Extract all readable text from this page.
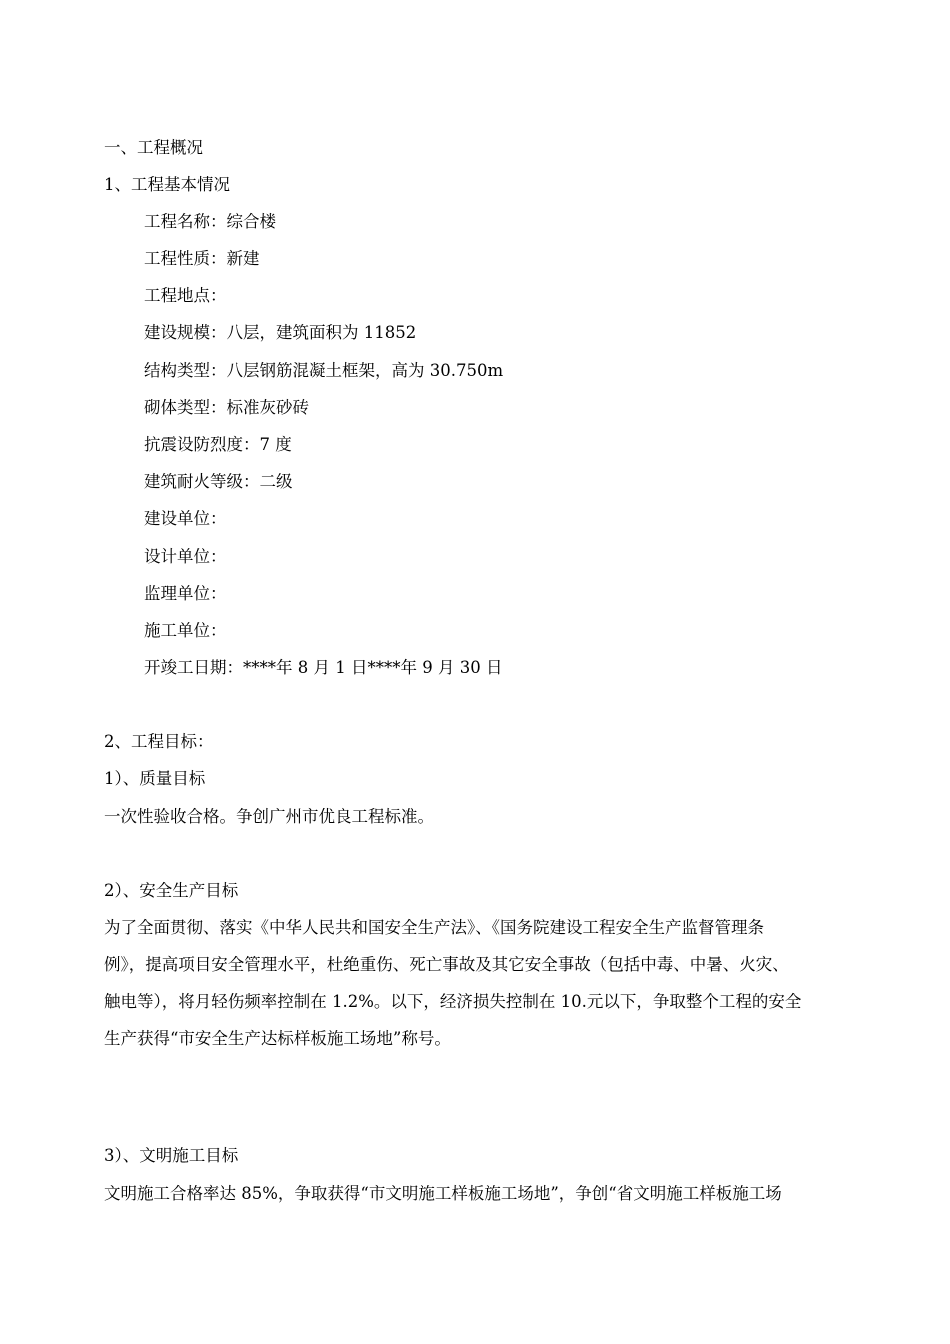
一、工程概况
1、工程基本情况
工程名称：综合楼
工程性质：新建
工程地点：
建设规模：八层，建筑面积为 11852
结构类型：八层钢筋混凝土框架，高为 30.750m
砌体类型：标准灰砂砖
抗震设防烈度：7 度
建筑耐火等级：二级
建设单位：
设计单位：
监理单位：
施工单位：
开竣工日期：****年 8 月 1 日****年 9 月 30 日
2、工程目标：
1）、质量目标
一次性验收合格。争创广州市优良工程标准。
2）、安全生产目标
为了全面贯彻、落实《中华人民共和国安全生产法》、《国务院建设工程安全生产监督管理条
例》，提高项目安全管理水平，杜绝重伤、死亡事故及其它安全事故（包括中毒、中暑、火灾、
触电等），将月轻伤频率控制在 1.2%。以下，经济损失控制在 10.元以下，争取整个工程的安全
生产获得“市安全生产达标样板施工场地”称号。
3）、文明施工目标
文明施工合格率达 85%，争取获得“市文明施工样板施工场地”，争创“省文明施工样板施工场
